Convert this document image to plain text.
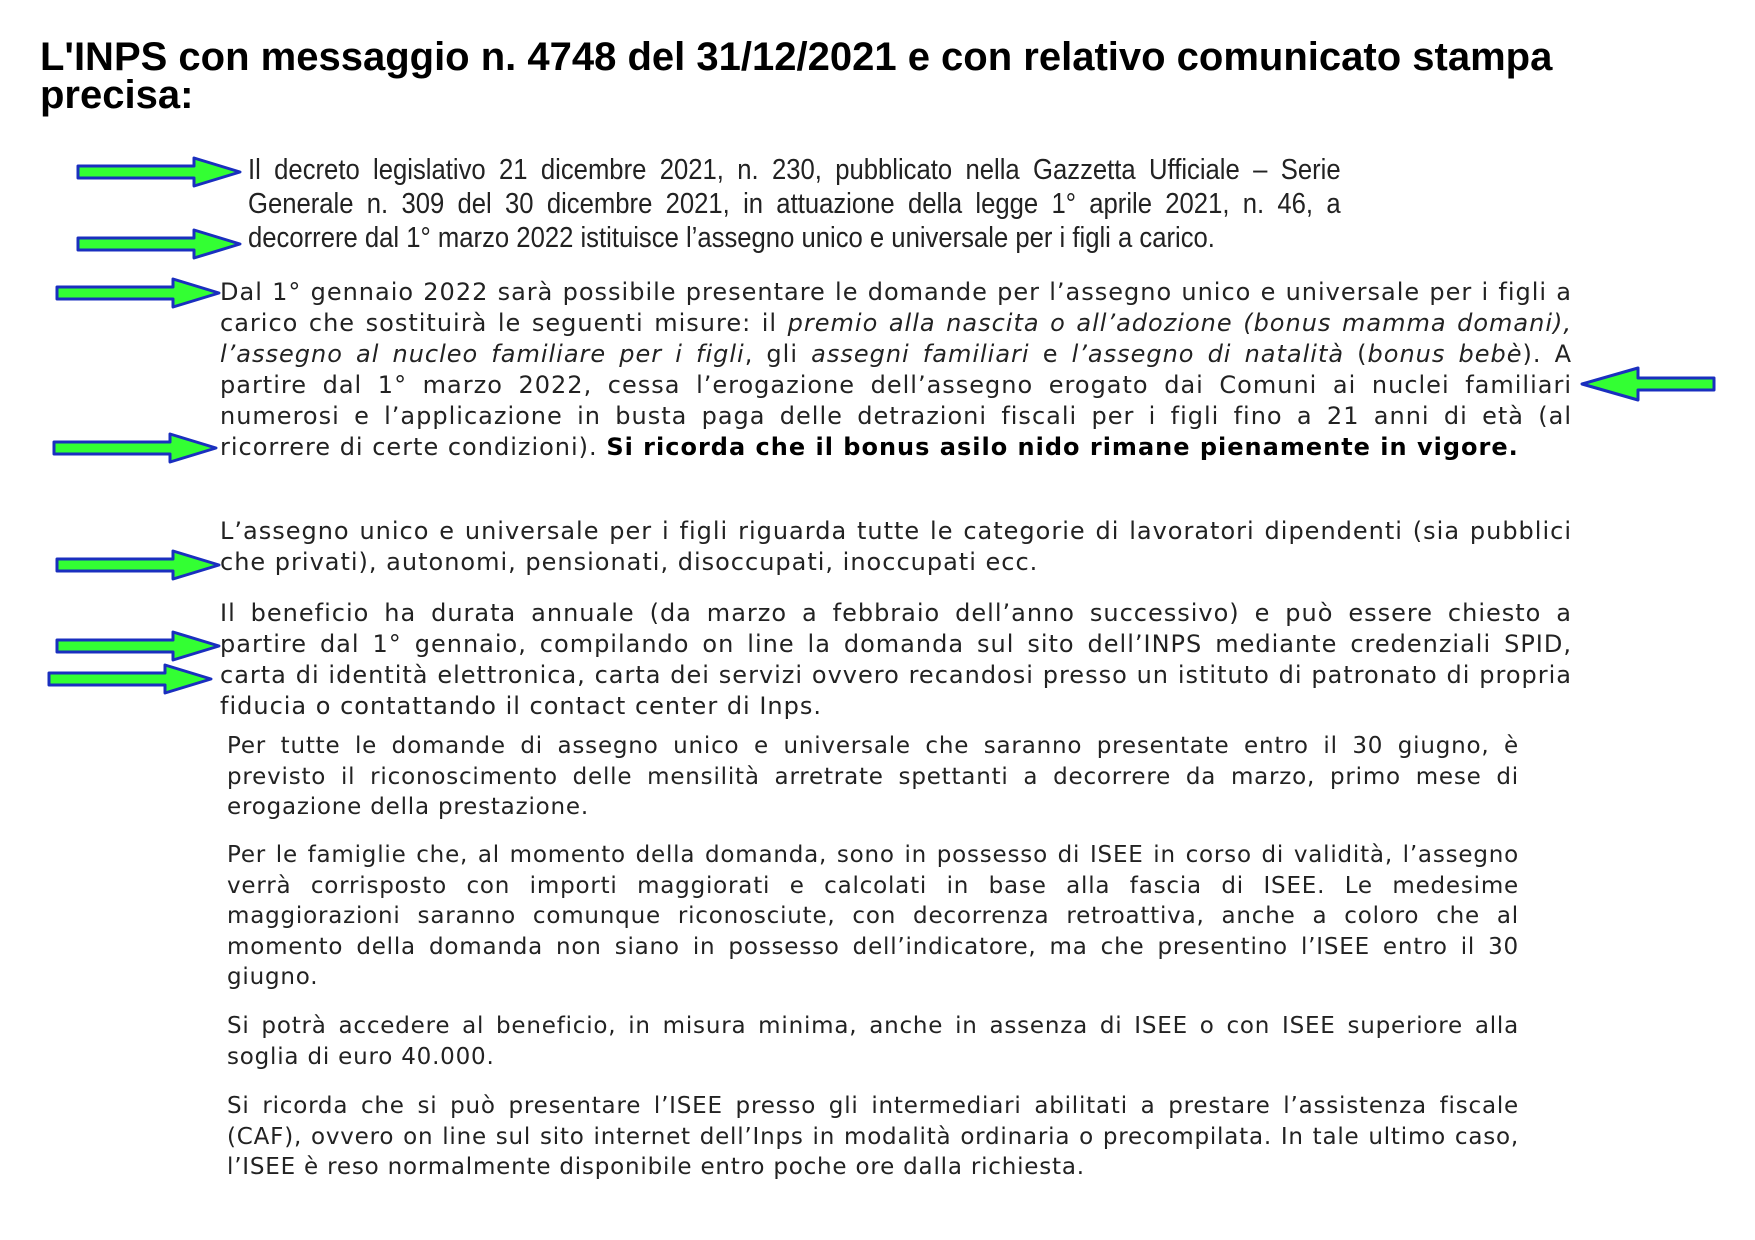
L'INPS con messaggio n. 4748 del 31/12/2021 e con relativo comunicato stampa precisa:

Il decreto legislativo 21 dicembre 2021, n. 230, pubblicato nella Gazzetta Ufficiale – Serie Generale n. 309 del 30 dicembre 2021, in attuazione della legge 1° aprile 2021, n. 46, a decorrere dal 1° marzo 2022 istituisce l’assegno unico e universale per i figli a carico.

Dal 1° gennaio 2022 sarà possibile presentare le domande per l’assegno unico e universale per i figli a carico che sostituirà le seguenti misure: il premio alla nascita o all’adozione (bonus mamma domani), l’assegno al nucleo familiare per i figli, gli assegni familiari e l’assegno di natalità (bonus bebè). A partire dal 1° marzo 2022, cessa l’erogazione dell’assegno erogato dai Comuni ai nuclei familiari numerosi e l’applicazione in busta paga delle detrazioni fiscali per i figli fino a 21 anni di età (al ricorrere di certe condizioni). Si ricorda che il bonus asilo nido rimane pienamente in vigore.

L’assegno unico e universale per i figli riguarda tutte le categorie di lavoratori dipendenti (sia pubblici che privati), autonomi, pensionati, disoccupati, inoccupati ecc.

Il beneficio ha durata annuale (da marzo a febbraio dell’anno successivo) e può essere chiesto a partire dal 1° gennaio, compilando on line la domanda sul sito dell’INPS mediante credenziali SPID, carta di identità elettronica, carta dei servizi ovvero recandosi presso un istituto di patronato di propria fiducia o contattando il contact center di Inps.

Per tutte le domande di assegno unico e universale che saranno presentate entro il 30 giugno, è previsto il riconoscimento delle mensilità arretrate spettanti a decorrere da marzo, primo mese di erogazione della prestazione.

Per le famiglie che, al momento della domanda, sono in possesso di ISEE in corso di validità, l’assegno verrà corrisposto con importi maggiorati e calcolati in base alla fascia di ISEE. Le medesime maggiorazioni saranno comunque riconosciute, con decorrenza retroattiva, anche a coloro che al momento della domanda non siano in possesso dell’indicatore, ma che presentino l’ISEE entro il 30 giugno.

Si potrà accedere al beneficio, in misura minima, anche in assenza di ISEE o con ISEE superiore alla soglia di euro 40.000.

Si ricorda che si può presentare l’ISEE presso gli intermediari abilitati a prestare l’assistenza fiscale (CAF), ovvero on line sul sito internet dell’Inps in modalità ordinaria o precompilata. In tale ultimo caso, l’ISEE è reso normalmente disponibile entro poche ore dalla richiesta.
